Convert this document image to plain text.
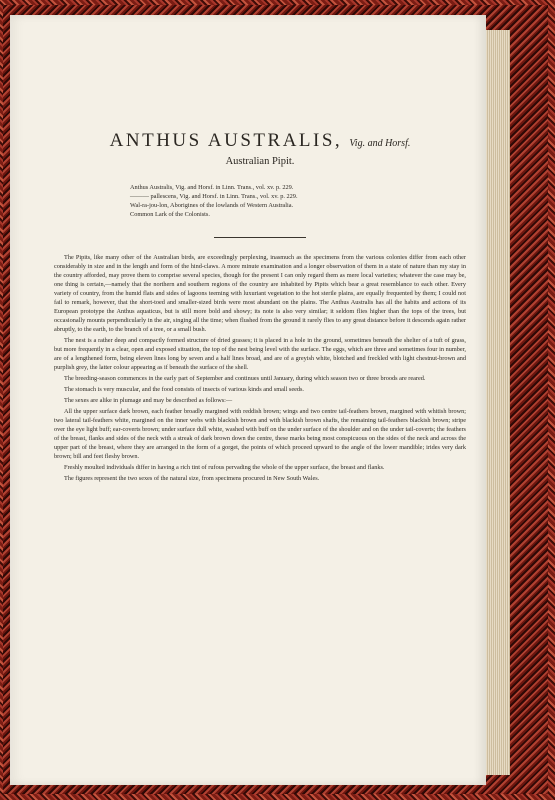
ANTHUS AUSTRALIS, Vig. and Horsf.
Australian Pipit.

Anthus Australis, Vig. and Horsf. in Linn. Trans., vol. xv. p. 229.

——— pallescens, Vig. and Horsf. in Linn. Trans., vol. xv. p. 229.

Wal-ra-jou-lon, Aborigines of the lowlands of Western Australia.

Common Lark of the Colonists.

The Pipits, like many other of the Australian birds, are exceedingly perplexing, inasmuch as the specimens from the various colonies differ from each other considerably in size and in the length and form of the hind-claws. A more minute examination and a longer observation of them in a state of nature than my stay in the country afforded, may prove them to comprise several species, though for the present I can only regard them as mere local varieties; whatever the case may be, one thing is certain,—namely that the northern and southern regions of the country are inhabited by Pipits which bear a great resemblance to each other. Every variety of country, from the humid flats and sides of lagoons teeming with luxuriant vegetation to the hot sterile plains, are equally frequented by them; I could not fail to remark, however, that the short-toed and smaller-sized birds were most abundant on the plains. The Anthus Australis has all the habits and actions of its European prototype the Anthus aquaticus, but is still more bold and showy; its note is also very similar; it seldom flies higher than the tops of the trees, but occasionally mounts perpendicularly in the air, singing all the time; when flushed from the ground it rarely flies to any great distance before it descends again rather abruptly, to the earth, to the branch of a tree, or a small bush.

The nest is a rather deep and compactly formed structure of dried grasses; it is placed in a hole in the ground, sometimes beneath the shelter of a tuft of grass, but more frequently in a clear, open and exposed situation, the top of the nest being level with the surface. The eggs, which are three and sometimes four in number, are of a lengthened form, being eleven lines long by seven and a half lines broad, and are of a greyish white, blotched and freckled with light chestnut-brown and purplish grey, the latter colour appearing as if beneath the surface of the shell.

The breeding-season commences in the early part of September and continues until January, during which season two or three broods are reared.

The stomach is very muscular, and the food consists of insects of various kinds and small seeds.

The sexes are alike in plumage and may be described as follows:—

All the upper surface dark brown, each feather broadly margined with reddish brown; wings and two centre tail-feathers brown, margined with whitish brown; two lateral tail-feathers white, margined on the inner webs with blackish brown and with blackish brown shafts, the remaining tail-feathers blackish brown; stripe over the eye light buff; ear-coverts brown; under surface dull white, washed with buff on the under surface of the shoulder and on the under tail-coverts; the feathers of the breast, flanks and sides of the neck with a streak of dark brown down the centre, these marks being most conspicuous on the sides of the neck and across the upper part of the breast, where they are arranged in the form of a gorget, the points of which proceed upward to the angle of the lower mandible; irides very dark brown; bill and feet fleshy brown.

Freshly moulted individuals differ in having a rich tint of rufous pervading the whole of the upper surface, the breast and flanks.

The figures represent the two sexes of the natural size, from specimens procured in New South Wales.
